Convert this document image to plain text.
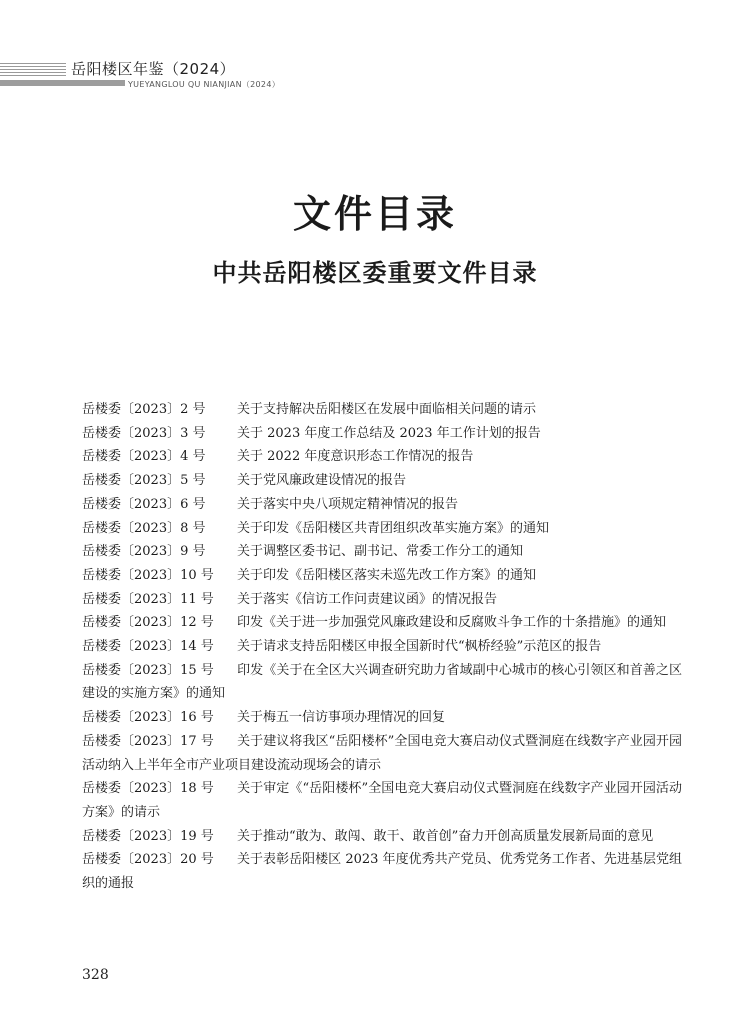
岳阳楼区年鉴（2024）
YUEYANGLOU QU NIANJIAN（2024）
文件目录
中共岳阳楼区委重要文件目录
岳楼委〔2023〕2 号 关于支持解决岳阳楼区在发展中面临相关问题的请示
岳楼委〔2023〕3 号 关于 2023 年度工作总结及 2023 年工作计划的报告
岳楼委〔2023〕4 号 关于 2022 年度意识形态工作情况的报告
岳楼委〔2023〕5 号 关于党风廉政建设情况的报告
岳楼委〔2023〕6 号 关于落实中央八项规定精神情况的报告
岳楼委〔2023〕8 号 关于印发《岳阳楼区共青团组织改革实施方案》的通知
岳楼委〔2023〕9 号 关于调整区委书记、副书记、常委工作分工的通知
岳楼委〔2023〕10 号 关于印发《岳阳楼区落实未巡先改工作方案》的通知
岳楼委〔2023〕11 号 关于落实《信访工作问责建议函》的情况报告
岳楼委〔2023〕12 号 印发《关于进一步加强党风廉政建设和反腐败斗争工作的十条措施》的通知
岳楼委〔2023〕14 号 关于请求支持岳阳楼区申报全国新时代“枫桥经验”示范区的报告
岳楼委〔2023〕15 号 印发《关于在全区大兴调查研究助力省域副中心城市的核心引领区和首善之区建设的实施方案》的通知
岳楼委〔2023〕16 号 关于梅五一信访事项办理情况的回复
岳楼委〔2023〕17 号 关于建议将我区“岳阳楼杯”全国电竞大赛启动仪式暨洞庭在线数字产业园开园活动纳入上半年全市产业项目建设流动现场会的请示
岳楼委〔2023〕18 号 关于审定《“岳阳楼杯”全国电竞大赛启动仪式暨洞庭在线数字产业园开园活动方案》的请示
岳楼委〔2023〕19 号 关于推动“敢为、敢闯、敢干、敢首创”奋力开创高质量发展新局面的意见
岳楼委〔2023〕20 号 关于表彰岳阳楼区 2023 年度优秀共产党员、优秀党务工作者、先进基层党组织的通报
328
